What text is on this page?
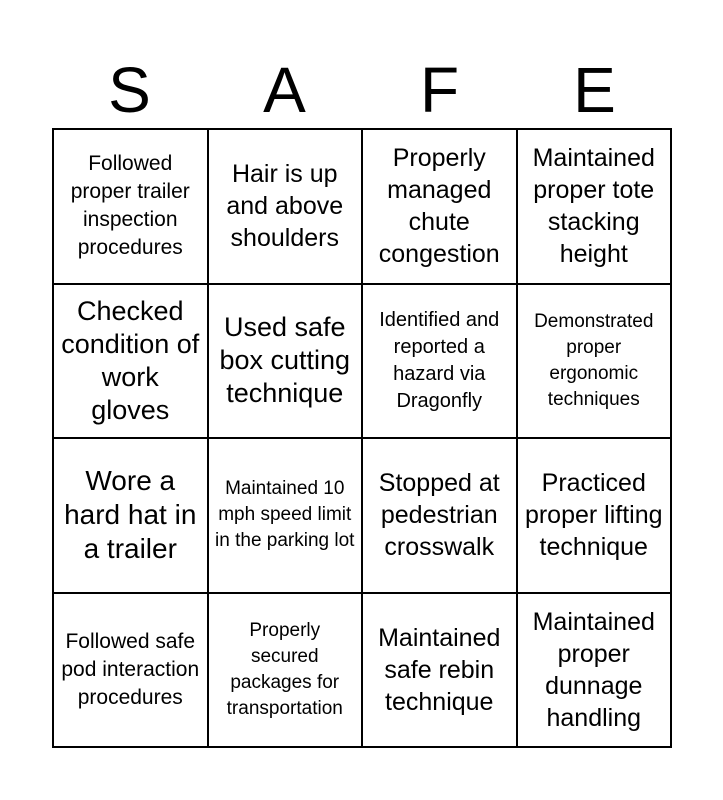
S	A	F	E
Followed proper trailer inspection procedures
Hair is up and above shoulders
Properly managed chute congestion
Maintained proper tote stacking height
Checked condition of work gloves
Used safe box cutting technique
Identified and reported a hazard via Dragonfly
Demonstrated proper ergonomic techniques
Wore a hard hat in a trailer
Maintained 10 mph speed limit in the parking lot
Stopped at pedestrian crosswalk
Practiced proper lifting technique
Followed safe pod interaction procedures
Properly secured packages for transportation
Maintained safe rebin technique
Maintained proper dunnage handling
